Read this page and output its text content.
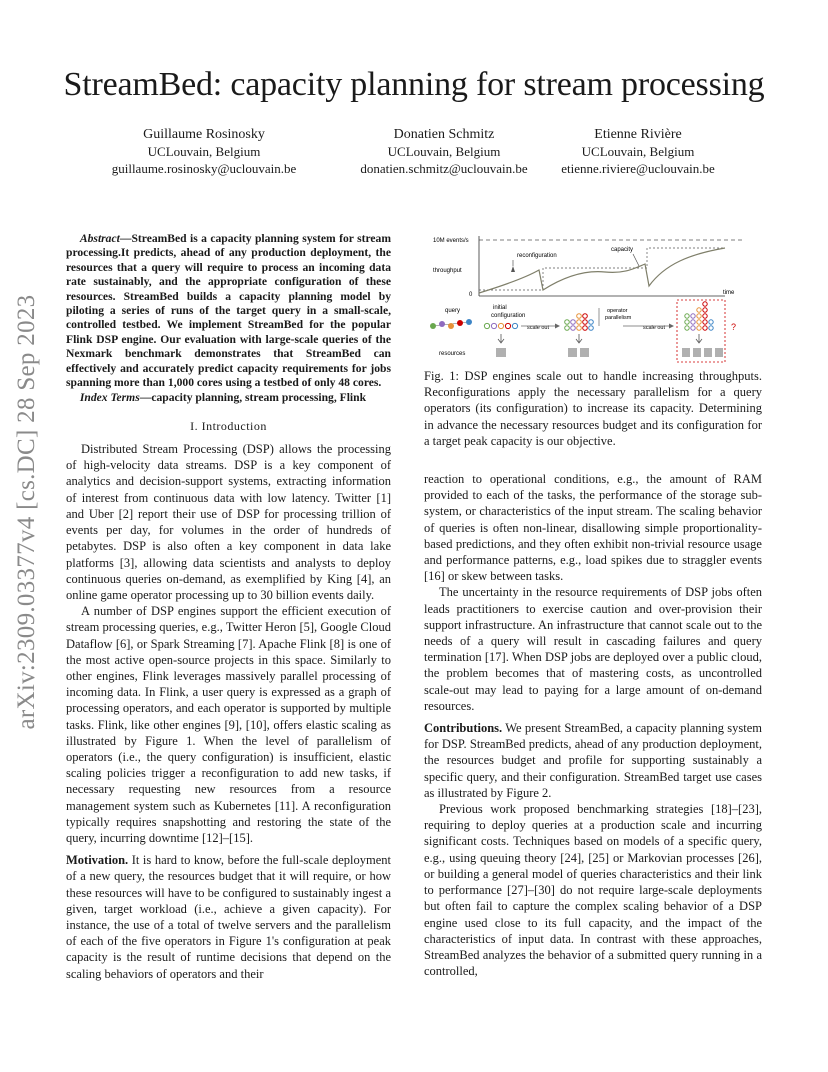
arXiv:2309.03377v4 [cs.DC] 28 Sep 2023
StreamBed: capacity planning for stream processing
Guillaume Rosinosky
UCLouvain, Belgium
guillaume.rosinosky@uclouvain.be
Donatien Schmitz
UCLouvain, Belgium
donatien.schmitz@uclouvain.be
Etienne Rivière
UCLouvain, Belgium
etienne.riviere@uclouvain.be

Abstract—StreamBed is a capacity planning system for stream processing.It predicts, ahead of any production deployment, the resources that a query will require to process an incoming data rate sustainably, and the appropriate configuration of these resources. StreamBed builds a capacity planning model by piloting a series of runs of the target query in a small-scale, controlled testbed. We implement StreamBed for the popular Flink DSP engine. Our evaluation with large-scale queries of the Nexmark benchmark demonstrates that StreamBed can effectively and accurately predict capacity requirements for jobs spanning more than 1,000 cores using a testbed of only 48 cores.

Index Terms—capacity planning, stream processing, Flink

I. Introduction

Distributed Stream Processing (DSP) allows the processing of high-velocity data streams. DSP is a key component of analytics and decision-support systems, extracting information of interest from continuous data with low latency. Twitter [1] and Uber [2] report their use of DSP for processing trillion of events per day, for volumes in the order of hundreds of petabytes. DSP is also often a key component in data lake platforms [3], allowing data scientists and analysts to deploy continuous queries on-demand, as exemplified by King [4], an online game operator processing up to 30 billion events daily.

A number of DSP engines support the efficient execution of stream processing queries, e.g., Twitter Heron [5], Google Cloud Dataflow [6], or Spark Streaming [7]. Apache Flink [8] is one of the most active open-source projects in this space. Similarly to other engines, Flink leverages massively parallel processing of incoming data. In Flink, a user query is expressed as a graph of processing operators, and each operator is supported by multiple tasks. Flink, like other engines [9], [10], offers elastic scaling as illustrated by Figure 1. When the level of parallelism of operators (i.e., the query configuration) is insufficient, elastic scaling policies trigger a reconfiguration to add new tasks, if necessary requesting new resources from a resource management system such as Kubernetes [11]. A reconfiguration typically requires snapshotting and restoring the state of the query, incurring downtime [12]–[15].

Motivation. It is hard to know, before the full-scale deployment of a new query, the resources budget that it will require, or how these resources will have to be configured to sustainably ingest a given, target workload (i.e., achieve a given capacity). For instance, the use of a total of twelve servers and the parallelism of each of the five operators in Figure 1's configuration at peak capacity is the result of runtime decisions that depend on the scaling behaviors of operators and their

10M events/s
throughput
0	time
reconfiguration
capacity
query	initial
configuration
scale out
operator
parallelism
scale out	?
resources

Fig. 1: DSP engines scale out to handle increasing throughputs. Reconfigurations apply the necessary parallelism for a query operators (its configuration) to increase its capacity. Determining in advance the necessary resources budget and its configuration for a target peak capacity is our objective.

reaction to operational conditions, e.g., the amount of RAM provided to each of the tasks, the performance of the storage sub-system, or characteristics of the input stream. The scaling behavior of queries is often non-linear, disallowing simple proportionality-based predictions, and they often exhibit non-trivial resource usage and performance patterns, e.g., load spikes due to straggler events [16] or skew between tasks.

The uncertainty in the resource requirements of DSP jobs often leads practitioners to exercise caution and over-provision their support infrastructure. An infrastructure that cannot scale out to the needs of a query will result in cascading failures and query termination [17]. When DSP jobs are deployed over a public cloud, the problem becomes that of mastering costs, as uncontrolled scale-out may lead to paying for a large amount of on-demand resources.

Contributions. We present StreamBed, a capacity planning system for DSP. StreamBed predicts, ahead of any production deployment, the resources budget and profile for supporting sustainably a specific query, and their configuration. StreamBed target use cases as illustrated by Figure 2.

Previous work proposed benchmarking strategies [18]–[23], requiring to deploy queries at a production scale and incurring significant costs. Techniques based on models of a specific query, e.g., using queuing theory [24], [25] or Markovian processes [26], or building a general model of queries characteristics and their link to performance [27]–[30] do not require large-scale deployments but often fail to capture the complex scaling behavior of a DSP engine used close to its full capacity, and the impact of the characteristics of input data. In contrast with these approaches, StreamBed analyzes the behavior of a submitted query running in a controlled,
